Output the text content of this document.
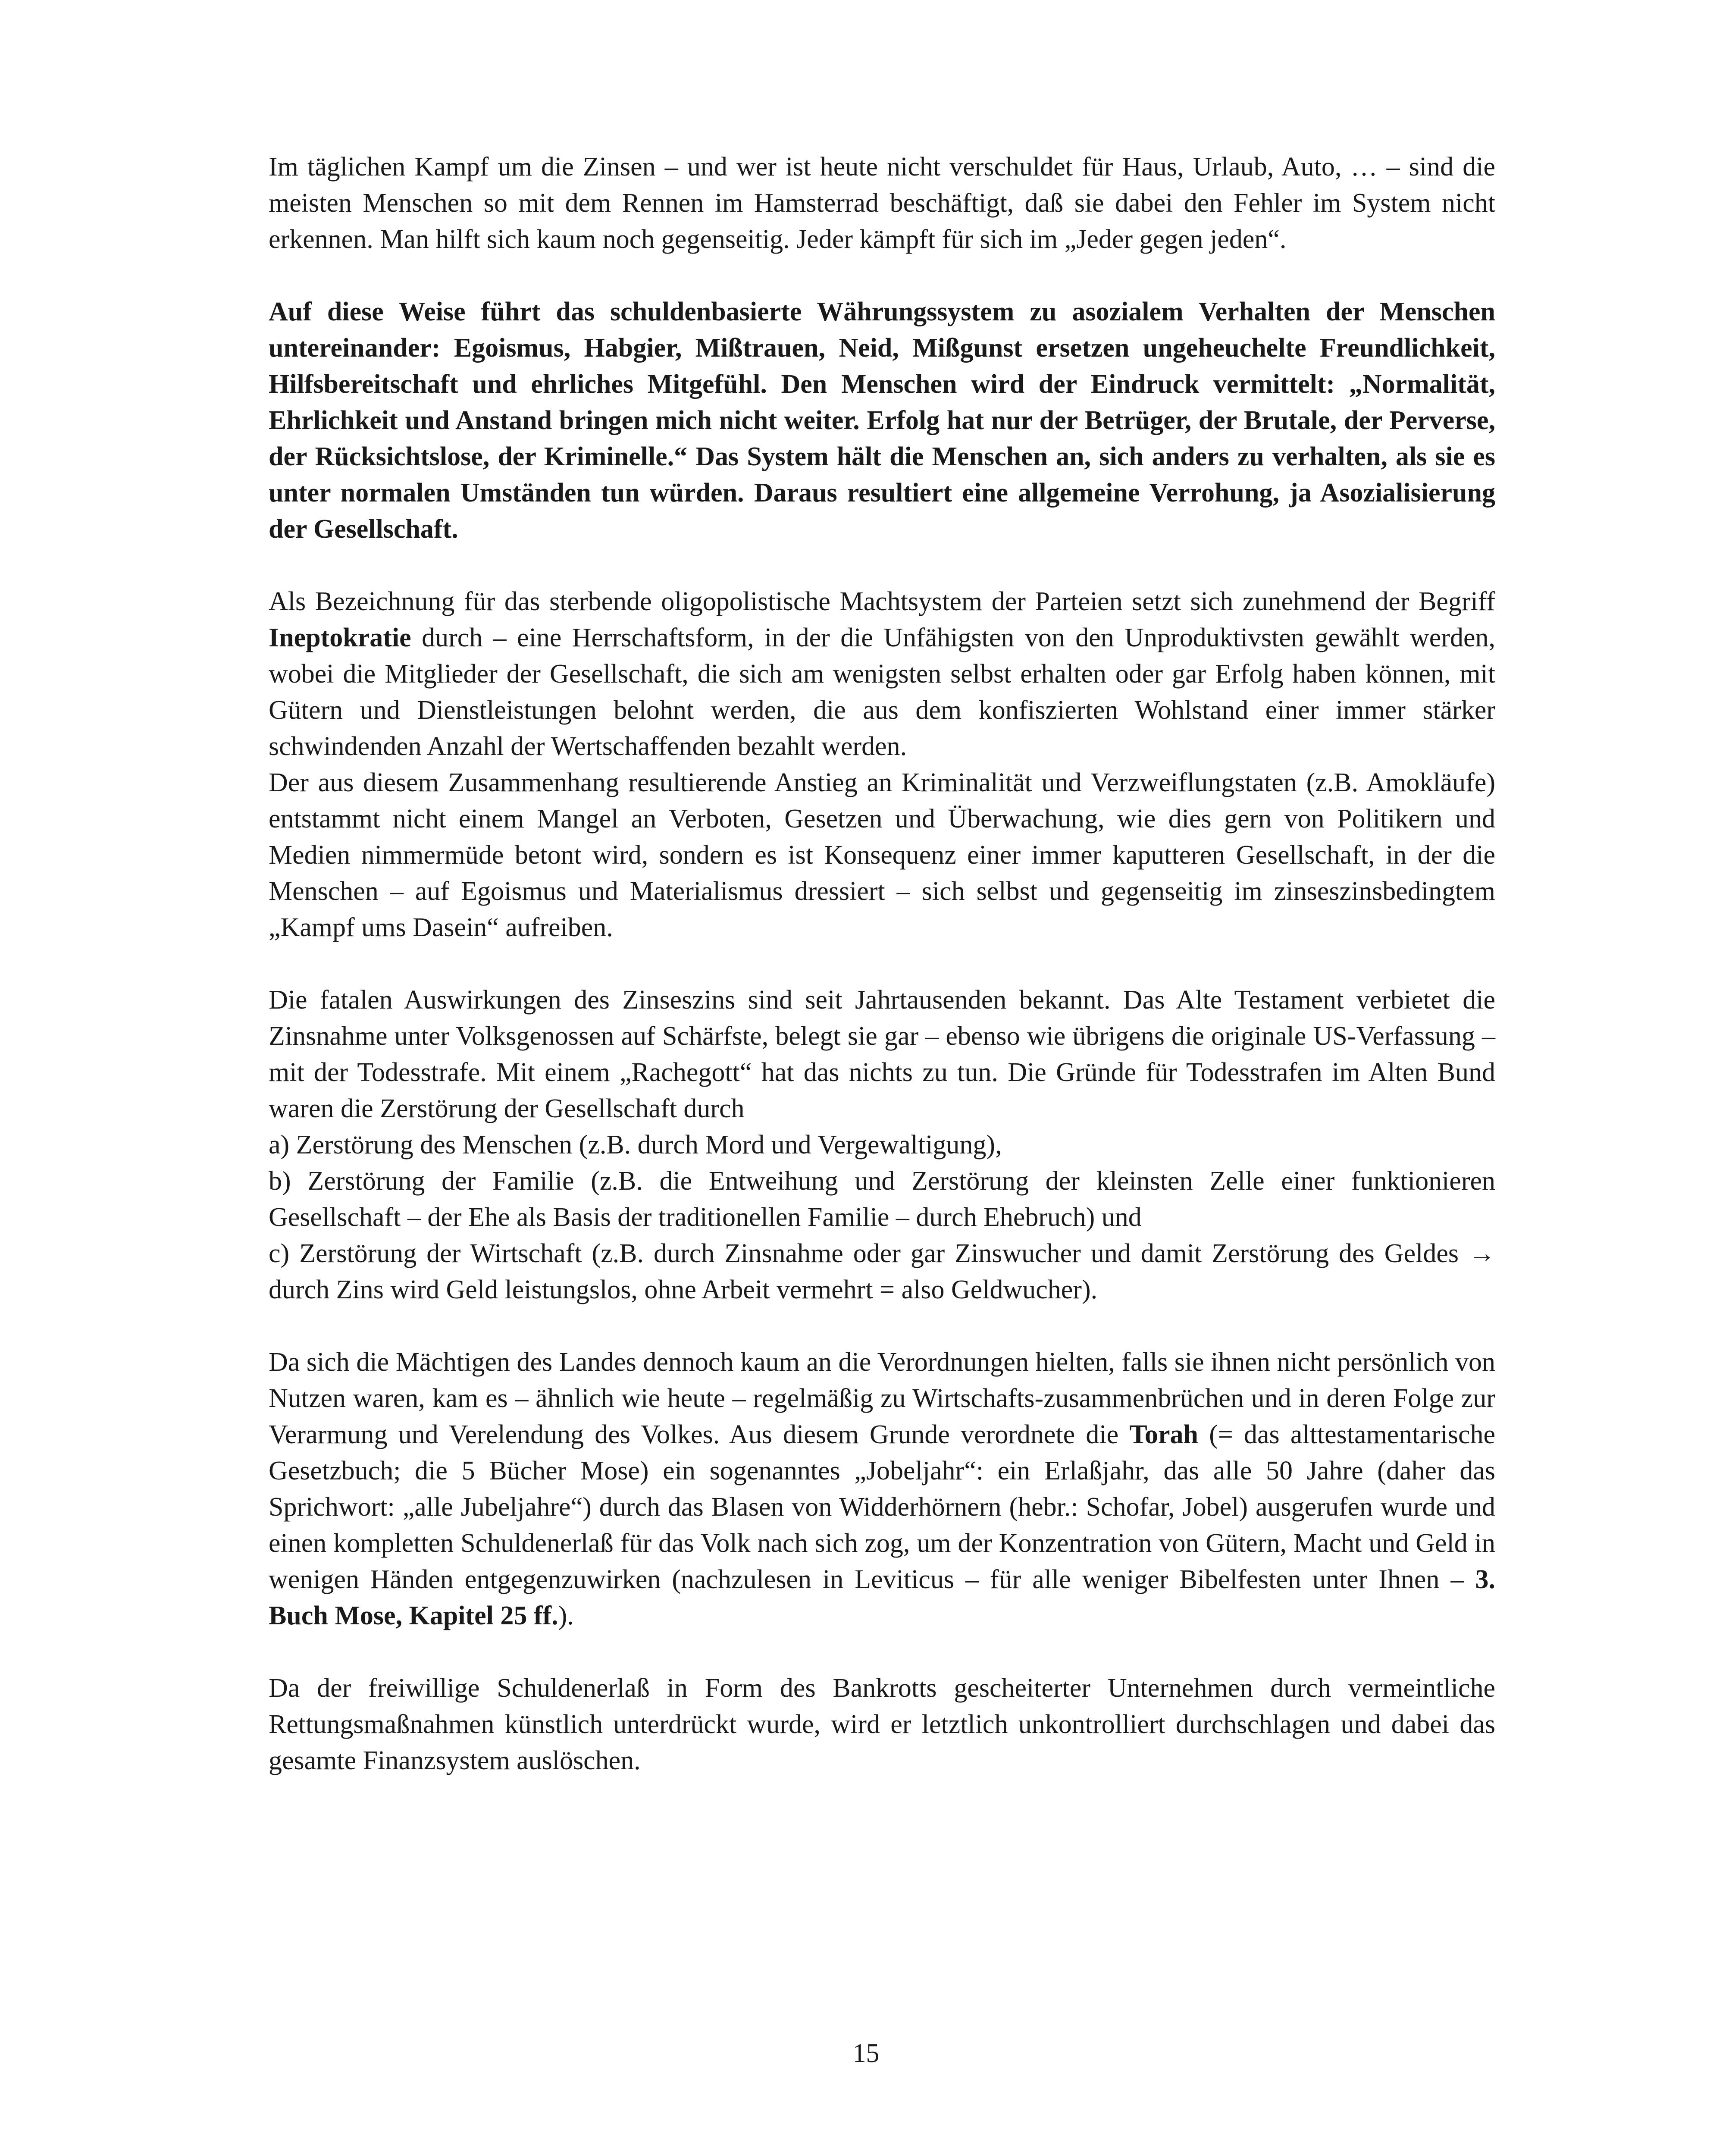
Im täglichen Kampf um die Zinsen – und wer ist heute nicht verschuldet für Haus, Urlaub, Auto, … – sind die meisten Menschen so mit dem Rennen im Hamsterrad beschäftigt, daß sie dabei den Fehler im System nicht erkennen. Man hilft sich kaum noch gegenseitig. Jeder kämpft für sich im „Jeder gegen jeden“.

Auf diese Weise führt das schuldenbasierte Währungssystem zu asozialem Verhalten der Menschen untereinander: Egoismus, Habgier, Mißtrauen, Neid, Mißgunst ersetzen ungeheuchelte Freundlichkeit, Hilfsbereitschaft und ehrliches Mitgefühl. Den Menschen wird der Eindruck vermittelt: „Normalität, Ehrlichkeit und Anstand bringen mich nicht weiter. Erfolg hat nur der Betrüger, der Brutale, der Perverse, der Rücksichtslose, der Kriminelle.“ Das System hält die Menschen an, sich anders zu verhalten, als sie es unter normalen Umständen tun würden. Daraus resultiert eine allgemeine Verrohung, ja Asozialisierung der Gesellschaft.

Als Bezeichnung für das sterbende oligopolistische Machtsystem der Parteien setzt sich zunehmend der Begriff Ineptokratie durch – eine Herrschaftsform, in der die Unfähigsten von den Unproduktivsten gewählt werden, wobei die Mitglieder der Gesellschaft, die sich am wenigsten selbst erhalten oder gar Erfolg haben können, mit Gütern und Dienstleistungen belohnt werden, die aus dem konfiszierten Wohlstand einer immer stärker schwindenden Anzahl der Wertschaffenden bezahlt werden.

Der aus diesem Zusammenhang resultierende Anstieg an Kriminalität und Verzweiflungstaten (z.B. Amokläufe) entstammt nicht einem Mangel an Verboten, Gesetzen und Überwachung, wie dies gern von Politikern und Medien nimmermüde betont wird, sondern es ist Konsequenz einer immer kaputteren Gesellschaft, in der die Menschen – auf Egoismus und Materialismus dressiert – sich selbst und gegenseitig im zinseszinsbedingtem „Kampf ums Dasein“ aufreiben.

Die fatalen Auswirkungen des Zinseszins sind seit Jahrtausenden bekannt. Das Alte Testament verbietet die Zinsnahme unter Volksgenossen auf Schärfste, belegt sie gar – ebenso wie übrigens die originale US-Verfassung – mit der Todesstrafe. Mit einem „Rachegott“ hat das nichts zu tun. Die Gründe für Todesstrafen im Alten Bund waren die Zerstörung der Gesellschaft durch

a) Zerstörung des Menschen (z.B. durch Mord und Vergewaltigung),

b) Zerstörung der Familie (z.B. die Entweihung und Zerstörung der kleinsten Zelle einer funktionieren Gesellschaft – der Ehe als Basis der traditionellen Familie – durch Ehebruch) und

c) Zerstörung der Wirtschaft (z.B. durch Zinsnahme oder gar Zinswucher und damit Zerstörung des Geldes → durch Zins wird Geld leistungslos, ohne Arbeit vermehrt = also Geldwucher).

Da sich die Mächtigen des Landes dennoch kaum an die Verordnungen hielten, falls sie ihnen nicht persönlich von Nutzen waren, kam es – ähnlich wie heute – regelmäßig zu Wirtschafts-zusammenbrüchen und in deren Folge zur Verarmung und Verelendung des Volkes. Aus diesem Grunde verordnete die Torah (= das alttestamentarische Gesetzbuch; die 5 Bücher Mose) ein sogenanntes „Jobeljahr“: ein Erlaßjahr, das alle 50 Jahre (daher das Sprichwort: „alle Jubeljahre“) durch das Blasen von Widderhörnern (hebr.: Schofar, Jobel) ausgerufen wurde und einen kompletten Schuldenerlaß für das Volk nach sich zog, um der Konzentration von Gütern, Macht und Geld in wenigen Händen entgegenzuwirken (nachzulesen in Leviticus – für alle weniger Bibelfesten unter Ihnen – 3. Buch Mose, Kapitel 25 ff.).

Da der freiwillige Schuldenerlaß in Form des Bankrotts gescheiterter Unternehmen durch vermeintliche Rettungsmaßnahmen künstlich unterdrückt wurde, wird er letztlich unkontrolliert durchschlagen und dabei das gesamte Finanzsystem auslöschen.

15
